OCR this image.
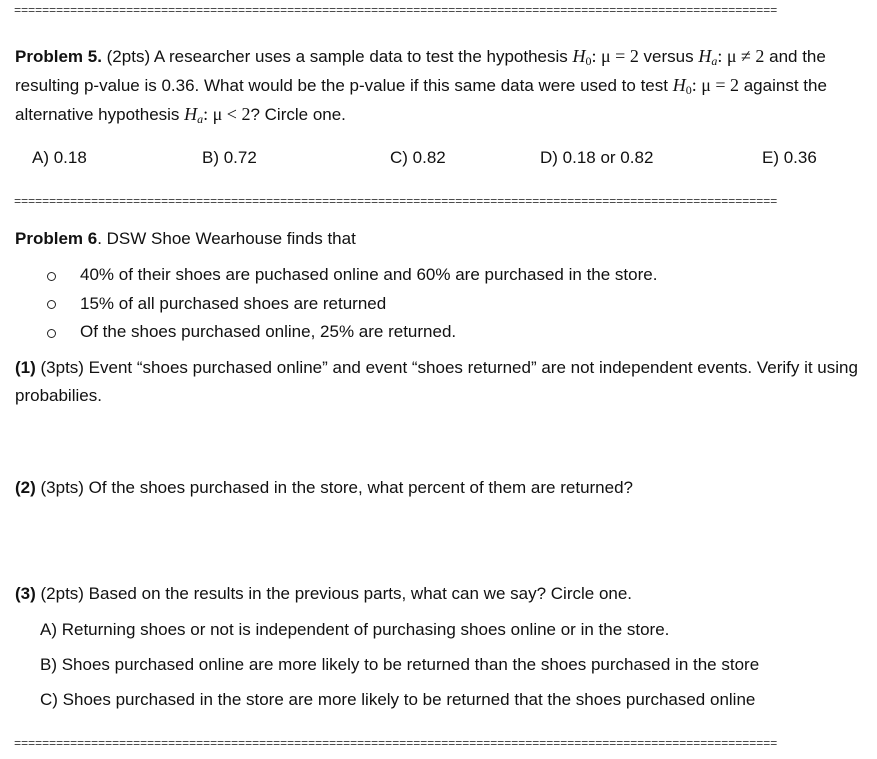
=============================================================================================================

Problem 5. (2pts) A researcher uses a sample data to test the hypothesis $H_0$: μ = 2 versus $H_a$: μ ≠ 2 and the resulting p-value is 0.36. What would be the p-value if this same data were used to test $H_0$: μ = 2 against the alternative hypothesis $H_a$: μ < 2? Circle one.

A) 0.18	B) 0.72	C) 0.82	D) 0.18 or 0.82	E) 0.36
=============================================================================================================

Problem 6. DSW Shoe Wearhouse finds that

40% of their shoes are puchased online and 60% are purchased in the store.
15% of all purchased shoes are returned
Of the shoes purchased online, 25% are returned.

(1) (3pts) Event “shoes purchased online” and event “shoes returned” are not independent events. Verify it using probabilies.

(2) (3pts) Of the shoes purchased in the store, what percent of them are returned?

(3) (2pts) Based on the results in the previous parts, what can we say? Circle one.

A) Returning shoes or not is independent of purchasing shoes online or in the store.
B) Shoes purchased online are more likely to be returned than the shoes purchased in the store
C) Shoes purchased in the store are more likely to be returned that the shoes purchased online
=============================================================================================================
